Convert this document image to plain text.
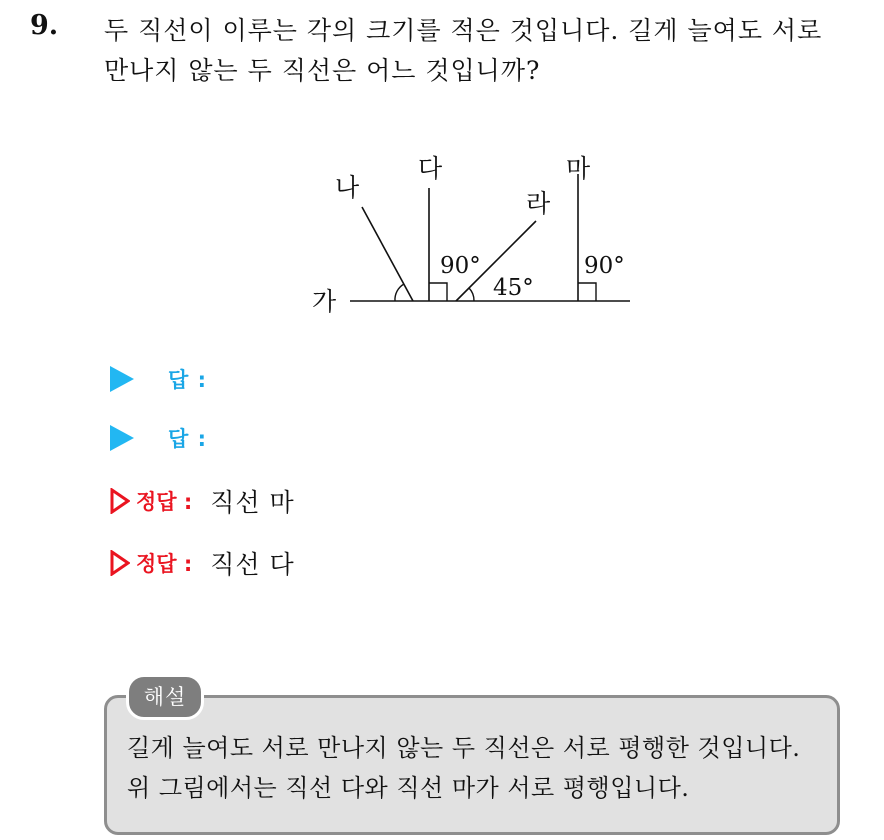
9. 두 직선이 이루는 각의 크기를 적은 것입니다. 길게 늘여도 서로
만나지 않는 두 직선은 어느 것입니까?
가
나
다
라
마
90°
45°
90°
답 :
답 :
정답 : 직선 마
정답 : 직선 다
길게 늘여도 서로 만나지 않는 두 직선은 서로 평행한 것입니다.
위 그림에서는 직선 다와 직선 마가 서로 평행입니다.
해설
